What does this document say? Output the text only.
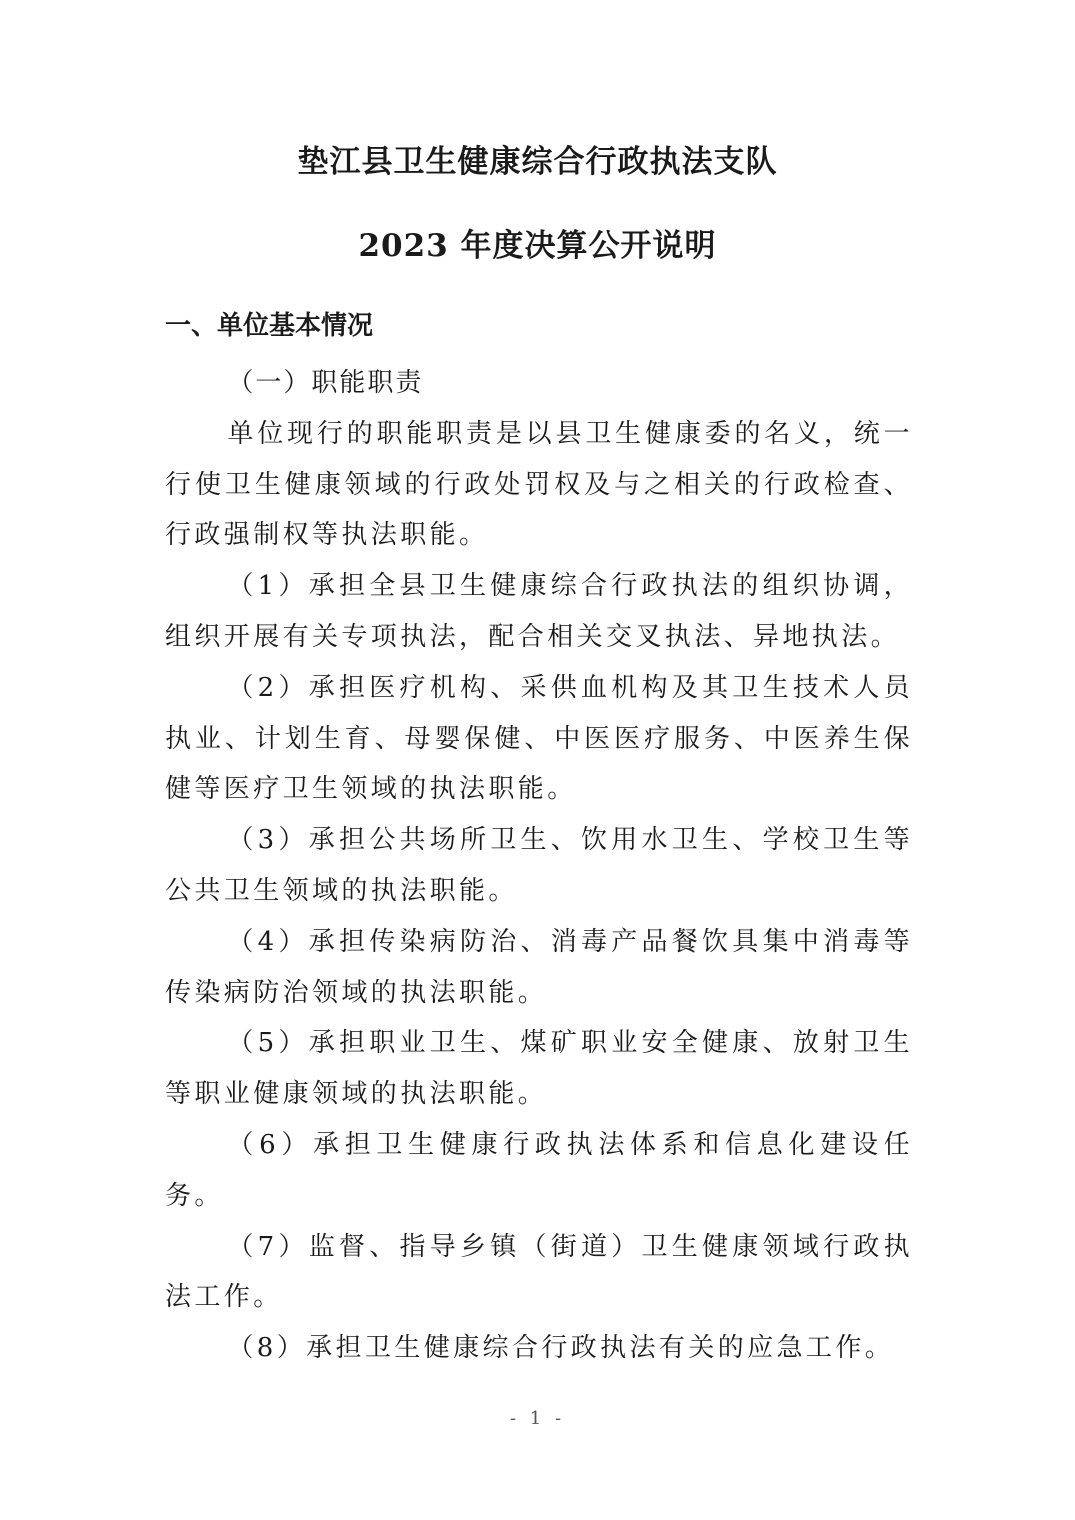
垫江县卫生健康综合行政执法支队
2023 年度决算公开说明
一、单位基本情况

（一）职能职责

单位现行的职能职责是以县卫生健康委的名义，统一行使卫生健康领域的行政处罚权及与之相关的行政检查、行政强制权等执法职能。

（1）承担全县卫生健康综合行政执法的组织协调，组织开展有关专项执法，配合相关交叉执法、异地执法。

（2）承担医疗机构、采供血机构及其卫生技术人员执业、计划生育、母婴保健、中医医疗服务、中医养生保健等医疗卫生领域的执法职能。

（3）承担公共场所卫生、饮用水卫生、学校卫生等公共卫生领域的执法职能。

（4）承担传染病防治、消毒产品餐饮具集中消毒等传染病防治领域的执法职能。

（5）承担职业卫生、煤矿职业安全健康、放射卫生等职业健康领域的执法职能。

（6）承担卫生健康行政执法体系和信息化建设任务。

（7）监督、指导乡镇（街道）卫生健康领域行政执法工作。

（8）承担卫生健康综合行政执法有关的应急工作。

- 1 -
